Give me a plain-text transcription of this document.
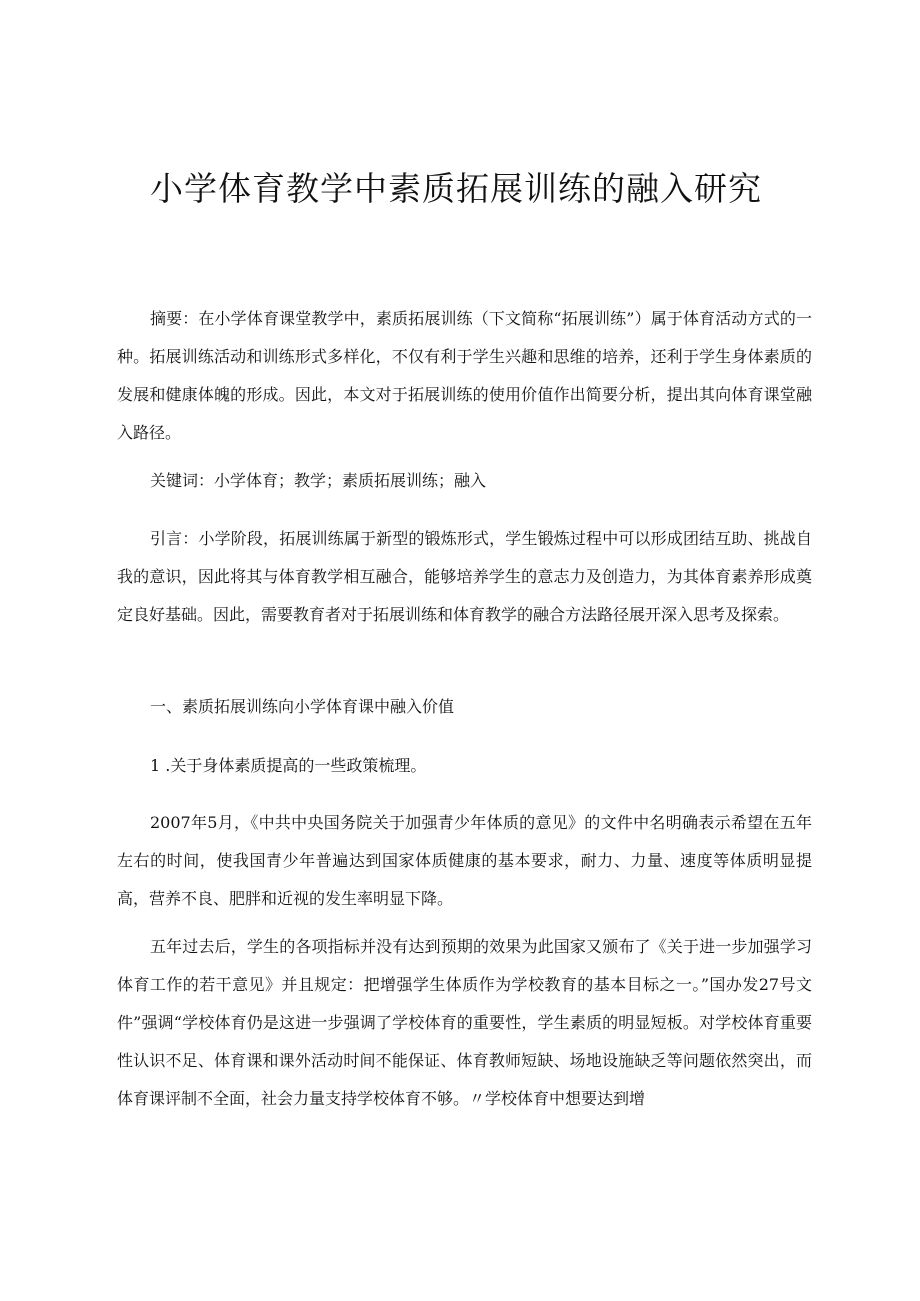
小学体育教学中素质拓展训练的融入研究

摘要：在小学体育课堂教学中，素质拓展训练（下文简称“拓展训练”）属于体育活动方式的一种。拓展训练活动和训练形式多样化，不仅有利于学生兴趣和思维的培养，还利于学生身体素质的发展和健康体魄的形成。因此，本文对于拓展训练的使用价值作出简要分析，提出其向体育课堂融入路径。

关键词：小学体育；教学；素质拓展训练；融入

引言：小学阶段，拓展训练属于新型的锻炼形式，学生锻炼过程中可以形成团结互助、挑战自我的意识，因此将其与体育教学相互融合，能够培养学生的意志力及创造力，为其体育素养形成奠定良好基础。因此，需要教育者对于拓展训练和体育教学的融合方法路径展开深入思考及探索。

一、素质拓展训练向小学体育课中融入价值

1 .关于身体素质提高的一些政策梳理。

2007年5月，《中共中央国务院关于加强青少年体质的意见》的文件中名明确表示希望在五年左右的时间，使我国青少年普遍达到国家体质健康的基本要求，耐力、力量、速度等体质明显提高，营养不良、肥胖和近视的发生率明显下降。

五年过去后，学生的各项指标并没有达到预期的效果为此国家又颁布了《关于进一步加强学习体育工作的若干意见》并且规定：把增强学生体质作为学校教育的基本目标之一。”国办发27号文件”强调“学校体育仍是这进一步强调了学校体育的重要性，学生素质的明显短板。对学校体育重要性认识不足、体育课和课外活动时间不能保证、体育教师短缺、场地设施缺乏等问题依然突出，而体育课评制不全面，社会力量支持学校体育不够。〃学校体育中想要达到增
